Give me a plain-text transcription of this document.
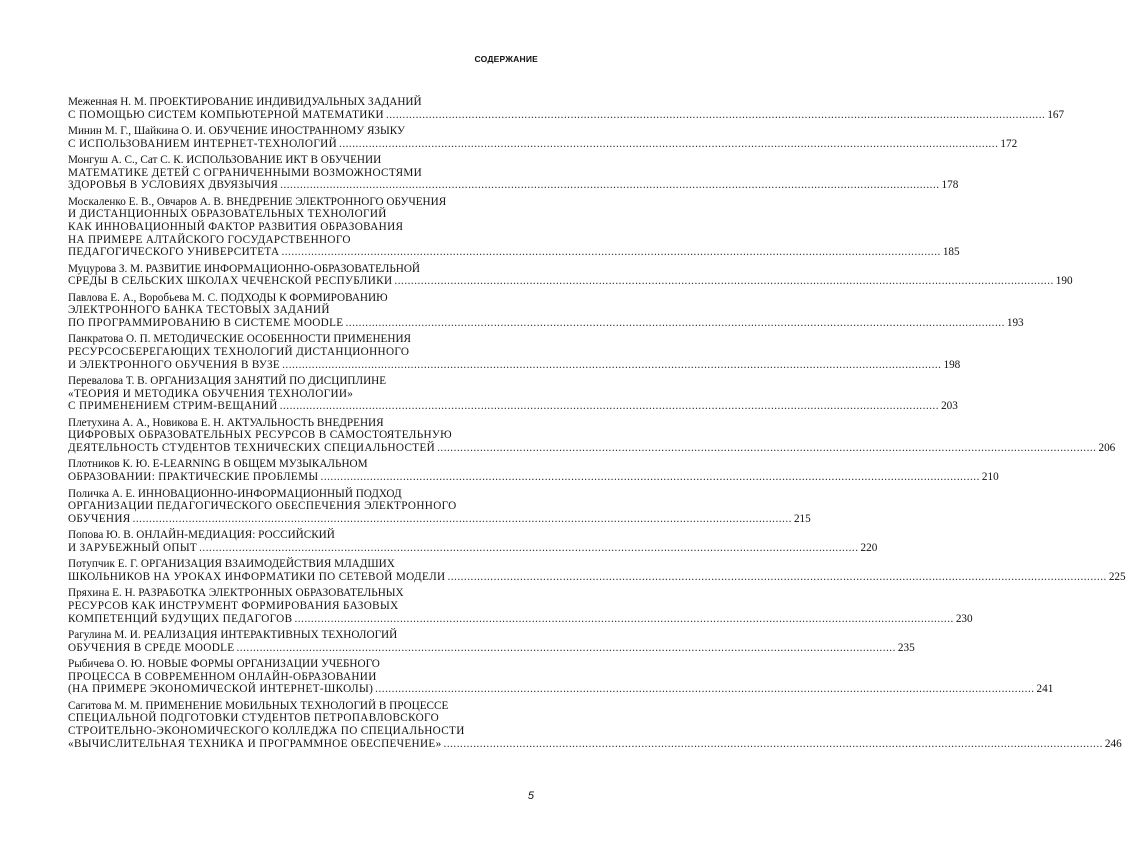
СОДЕРЖАНИЕ
Меженная Н. М. ПРОЕКТИРОВАНИЕ ИНДИВИДУАЛЬНЫХ ЗАДАНИЙ
С ПОМОЩЬЮ СИСТЕМ КОМПЬЮТЕРНОЙ МАТЕМАТИКИ .....	167
Минин М. Г., Шайкина О. И. ОБУЧЕНИЕ ИНОСТРАННОМУ ЯЗЫКУ
С ИСПОЛЬЗОВАНИЕМ ИНТЕРНЕТ-ТЕХНОЛОГИЙ .....	172
Монгуш А. С., Сат С. К. ИСПОЛЬЗОВАНИЕ ИКТ В ОБУЧЕНИИ
МАТЕМАТИКЕ ДЕТЕЙ С ОГРАНИЧЕННЫМИ ВОЗМОЖНОСТЯМИ
ЗДОРОВЬЯ В УСЛОВИЯХ ДВУЯЗЫЧИЯ .....	178
Москаленко Е. В., Овчаров А. В. ВНЕДРЕНИЕ ЭЛЕКТРОННОГО ОБУЧЕНИЯ
И ДИСТАНЦИОННЫХ ОБРАЗОВАТЕЛЬНЫХ ТЕХНОЛОГИЙ
КАК ИННОВАЦИОННЫЙ ФАКТОР РАЗВИТИЯ ОБРАЗОВАНИЯ
НА ПРИМЕРЕ АЛТАЙСКОГО ГОСУДАРСТВЕННОГО
ПЕДАГОГИЧЕСКОГО УНИВЕРСИТЕТА .....	185
Муцурова З. М. РАЗВИТИЕ ИНФОРМАЦИОННО-ОБРАЗОВАТЕЛЬНОЙ
СРЕДЫ В СЕЛЬСКИХ ШКОЛАХ ЧЕЧЕНСКОЙ РЕСПУБЛИКИ .....	190
Павлова Е. А., Воробьева М. С. ПОДХОДЫ К ФОРМИРОВАНИЮ
ЭЛЕКТРОННОГО БАНКА ТЕСТОВЫХ ЗАДАНИЙ
ПО ПРОГРАММИРОВАНИЮ В СИСТЕМЕ MOODLE .....	193
Панкратова О. П. МЕТОДИЧЕСКИЕ ОСОБЕННОСТИ ПРИМЕНЕНИЯ
РЕСУРСОСБЕРЕГАЮЩИХ ТЕХНОЛОГИЙ ДИСТАНЦИОННОГО
И ЭЛЕКТРОННОГО ОБУЧЕНИЯ В ВУЗЕ .....	198
Перевалова Т. В. ОРГАНИЗАЦИЯ ЗАНЯТИЙ ПО ДИСЦИПЛИНЕ
«ТЕОРИЯ И МЕТОДИКА ОБУЧЕНИЯ ТЕХНОЛОГИИ»
С ПРИМЕНЕНИЕМ СТРИМ-ВЕЩАНИЙ .....	203
Плетухина А. А., Новикова Е. Н. АКТУАЛЬНОСТЬ ВНЕДРЕНИЯ
ЦИФРОВЫХ ОБРАЗОВАТЕЛЬНЫХ РЕСУРСОВ В САМОСТОЯТЕЛЬНУЮ
ДЕЯТЕЛЬНОСТЬ СТУДЕНТОВ ТЕХНИЧЕСКИХ СПЕЦИАЛЬНОСТЕЙ .....	206
Плотников К. Ю. E-LEARNING В ОБЩЕМ МУЗЫКАЛЬНОМ
ОБРАЗОВАНИИ: ПРАКТИЧЕСКИЕ ПРОБЛЕМЫ .....	210
Поличка А. Е. ИННОВАЦИОННО-ИНФОРМАЦИОННЫЙ ПОДХОД
ОРГАНИЗАЦИИ ПЕДАГОГИЧЕСКОГО ОБЕСПЕЧЕНИЯ ЭЛЕКТРОННОГО
ОБУЧЕНИЯ .....	215
Попова Ю. В. ОНЛАЙН-МЕДИАЦИЯ: РОССИЙСКИЙ
И ЗАРУБЕЖНЫЙ ОПЫТ .....	220
Потупчик Е. Г. ОРГАНИЗАЦИЯ ВЗАИМОДЕЙСТВИЯ МЛАДШИХ
ШКОЛЬНИКОВ НА УРОКАХ ИНФОРМАТИКИ ПО СЕТЕВОЙ МОДЕЛИ .....	225
Пряхина Е. Н. РАЗРАБОТКА ЭЛЕКТРОННЫХ ОБРАЗОВАТЕЛЬНЫХ
РЕСУРСОВ КАК ИНСТРУМЕНТ ФОРМИРОВАНИЯ БАЗОВЫХ
КОМПЕТЕНЦИЙ БУДУЩИХ ПЕДАГОГОВ .....	230
Рагулина М. И. РЕАЛИЗАЦИЯ ИНТЕРАКТИВНЫХ ТЕХНОЛОГИЙ
ОБУЧЕНИЯ В СРЕДЕ MOODLE .....	235
Рыбичева О. Ю. НОВЫЕ ФОРМЫ ОРГАНИЗАЦИИ УЧЕБНОГО
ПРОЦЕССА В СОВРЕМЕННОМ ОНЛАЙН-ОБРАЗОВАНИИ
(НА ПРИМЕРЕ ЭКОНОМИЧЕСКОЙ ИНТЕРНЕТ-ШКОЛЫ) .....	241
Сагитова М. М. ПРИМЕНЕНИЕ МОБИЛЬНЫХ ТЕХНОЛОГИЙ В ПРОЦЕССЕ
СПЕЦИАЛЬНОЙ ПОДГОТОВКИ СТУДЕНТОВ ПЕТРОПАВЛОВСКОГО
СТРОИТЕЛЬНО-ЭКОНОМИЧЕСКОГО КОЛЛЕДЖА ПО СПЕЦИАЛЬНОСТИ
«ВЫЧИСЛИТЕЛЬНАЯ ТЕХНИКА И ПРОГРАММНОЕ ОБЕСПЕЧЕНИЕ» .....	246
5
